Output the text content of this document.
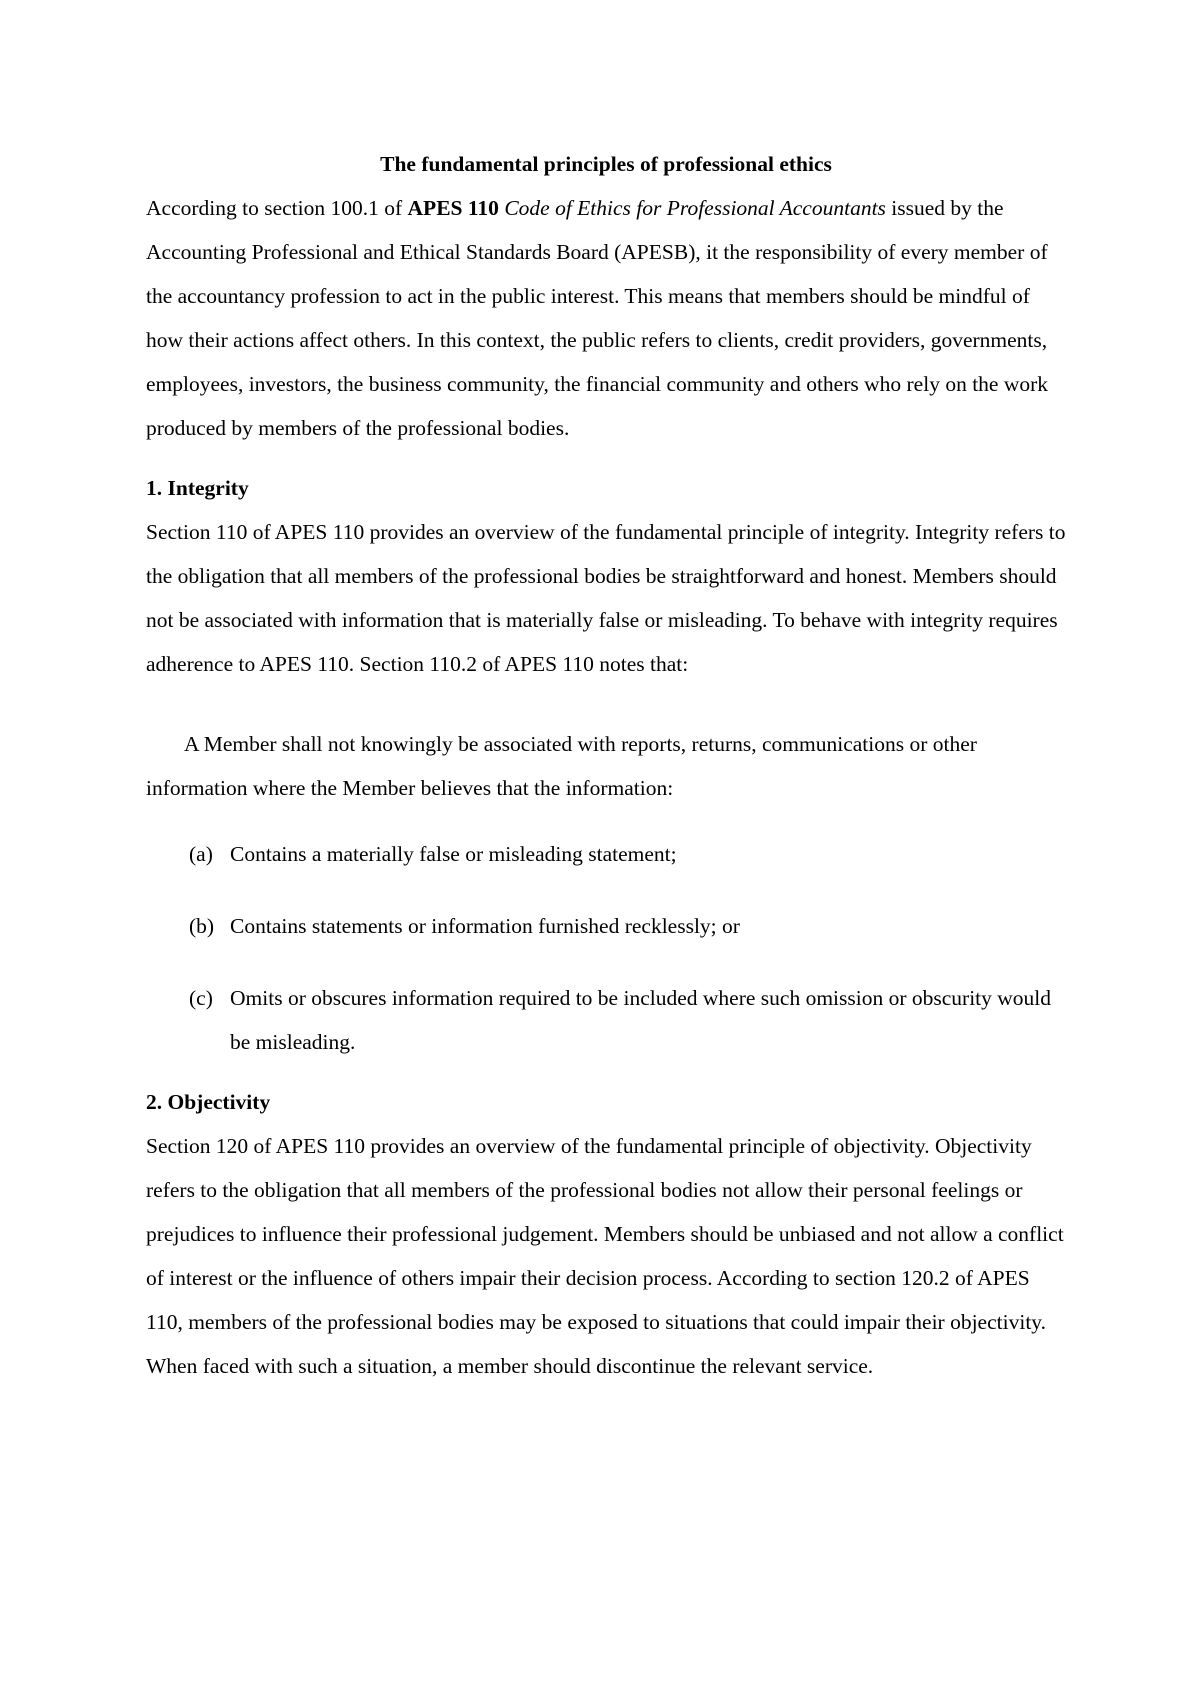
The fundamental principles of professional ethics

According to section 100.1 of APES 110 Code of Ethics for Professional Accountants issued by the Accounting Professional and Ethical Standards Board (APESB), it the responsibility of every member of the accountancy profession to act in the public interest. This means that members should be mindful of how their actions affect others. In this context, the public refers to clients, credit providers, governments, employees, investors, the business community, the financial community and others who rely on the work produced by members of the professional bodies.

1. Integrity

Section 110 of APES 110 provides an overview of the fundamental principle of integrity. Integrity refers to the obligation that all members of the professional bodies be straightforward and honest. Members should not be associated with information that is materially false or misleading. To behave with integrity requires adherence to APES 110. Section 110.2 of APES 110 notes that:

A Member shall not knowingly be associated with reports, returns, communications or other information where the Member believes that the information:

(a) Contains a materially false or misleading statement;
(b) Contains statements or information furnished recklessly; or
(c) Omits or obscures information required to be included where such omission or obscurity would be misleading.
2. Objectivity

Section 120 of APES 110 provides an overview of the fundamental principle of objectivity. Objectivity refers to the obligation that all members of the professional bodies not allow their personal feelings or prejudices to influence their professional judgement. Members should be unbiased and not allow a conflict of interest or the influence of others impair their decision process. According to section 120.2 of APES 110, members of the professional bodies may be exposed to situations that could impair their objectivity. When faced with such a situation, a member should discontinue the relevant service.
